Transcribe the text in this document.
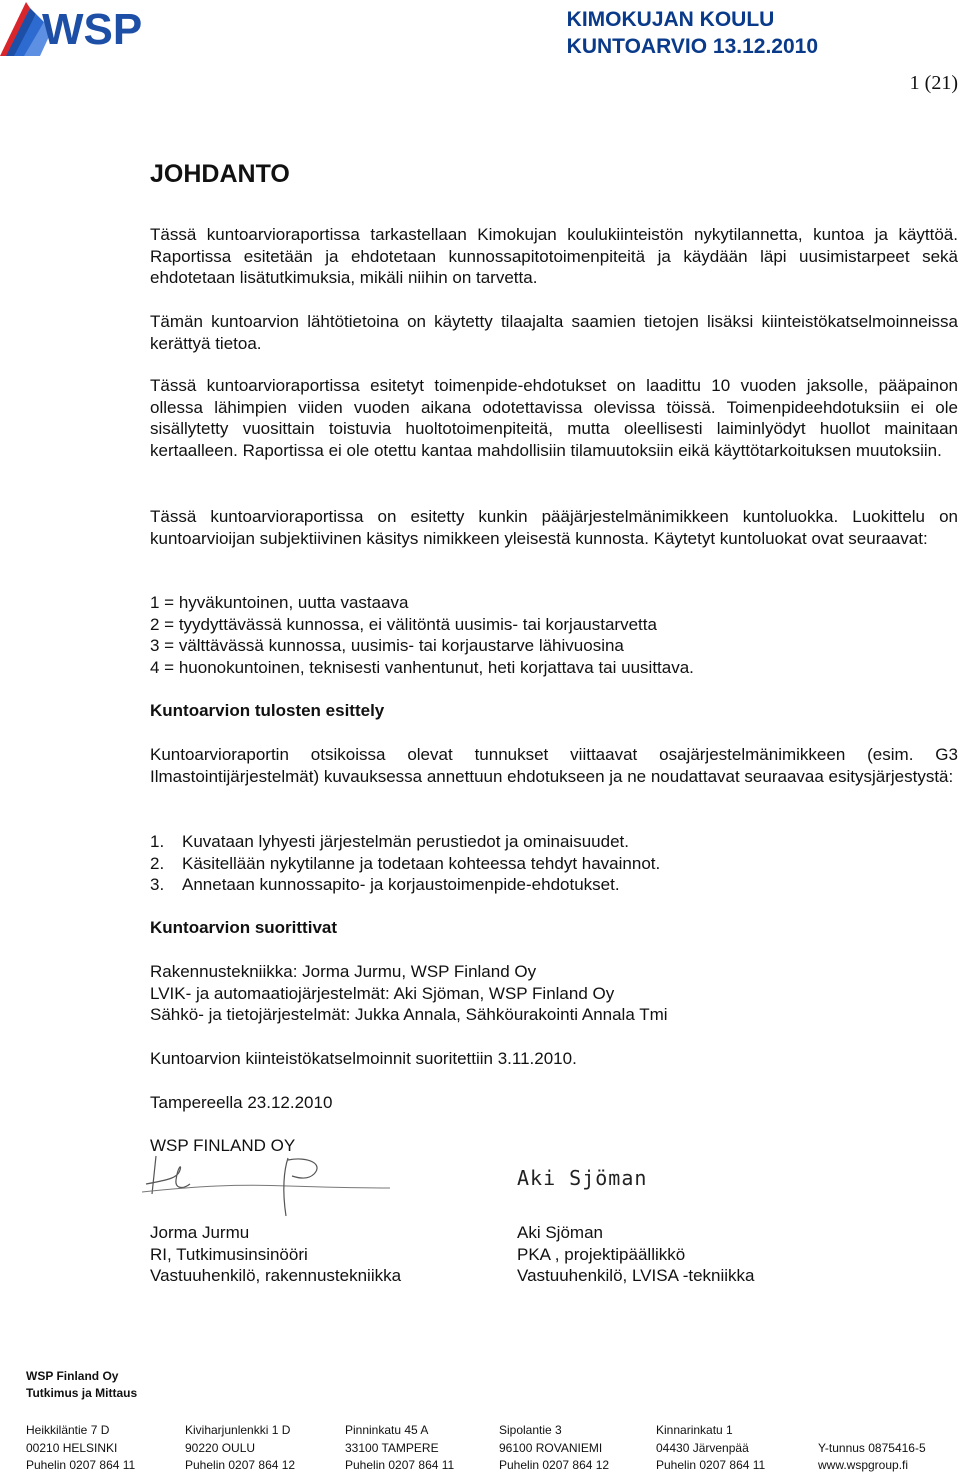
WSP	KIMOKUJAN KOULU
KUNTOARVIO 13.12.2010
1 (21)
JOHDANTO
Tässä kuntoarvioraportissa tarkastellaan Kimokujan koulukiinteistön nykytilannetta, kuntoa ja käyttöä. Raportissa esitetään ja ehdotetaan kunnossapitotoimenpiteitä ja käydään läpi uusimistarpeet sekä ehdotetaan lisätutkimuksia, mikäli niihin on tarvetta.
Tämän kuntoarvion lähtötietoina on käytetty tilaajalta saamien tietojen lisäksi kiinteistökatselmoinneissa kerättyä tietoa.
Tässä kuntoarvioraportissa esitetyt toimenpide-ehdotukset on laadittu 10 vuoden jaksolle, pääpainon ollessa lähimpien viiden vuoden aikana odotettavissa olevissa töissä. Toimenpideehdotuksiin ei ole sisällytetty vuosittain toistuvia huoltotoimenpiteitä, mutta oleellisesti laiminlyödyt huollot mainitaan kertaalleen. Raportissa ei ole otettu kantaa mahdollisiin tilamuutoksiin eikä käyttötarkoituksen muutoksiin.
Tässä kuntoarvioraportissa on esitetty kunkin pääjärjestelmänimikkeen kuntoluokka. Luokittelu on kuntoarvioijan subjektiivinen käsitys nimikkeen yleisestä kunnosta. Käytetyt kuntoluokat ovat seuraavat:
1 = hyväkuntoinen, uutta vastaava
2 = tyydyttävässä kunnossa, ei välitöntä uusimis- tai korjaustarvetta
3 = välttävässä kunnossa, uusimis- tai korjaustarve lähivuosina
4 = huonokuntoinen, teknisesti vanhentunut, heti korjattava tai uusittava.
Kuntoarvion tulosten esittely
Kuntoarvioraportin otsikoissa olevat tunnukset viittaavat osajärjestelmänimikkeen (esim. G3 Ilmastointijärjestelmät) kuvauksessa annettuun ehdotukseen ja ne noudattavat seuraavaa esitysjärjestystä:
1.	Kuvataan lyhyesti järjestelmän perustiedot ja ominaisuudet.
2.	Käsitellään nykytilanne ja todetaan kohteessa tehdyt havainnot.
3.	Annetaan kunnossapito- ja korjaustoimenpide-ehdotukset.
Kuntoarvion suorittivat
Rakennustekniikka: Jorma Jurmu, WSP Finland Oy
LVIK- ja automaatiojärjestelmät: Aki Sjöman, WSP Finland Oy
Sähkö- ja tietojärjestelmät: Jukka Annala, Sähköurakointi Annala Tmi
Kuntoarvion kiinteistökatselmoinnit suoritettiin 3.11.2010.
Tampereella 23.12.2010
WSP FINLAND OY
Aki Sjöman
Jorma Jurmu
RI, Tutkimusinsinööri
Vastuuhenkilö, rakennustekniikka
Aki Sjöman
PKA , projektipäällikkö
Vastuuhenkilö, LVISA -tekniikka
WSP Finland Oy
Tutkimus ja Mittaus
Heikkiläntie 7 D
00210 HELSINKI
Puhelin 0207 864 11
Kiviharjunlenkki 1 D
90220 OULU
Puhelin 0207 864 12
Pinninkatu 45 A
33100 TAMPERE
Puhelin 0207 864 11
Sipolantie 3
96100 ROVANIEMI
Puhelin 0207 864 12
Kinnarinkatu 1
04430 Järvenpää
Puhelin 0207 864 11

Y-tunnus 0875416-5
www.wspgroup.fi
